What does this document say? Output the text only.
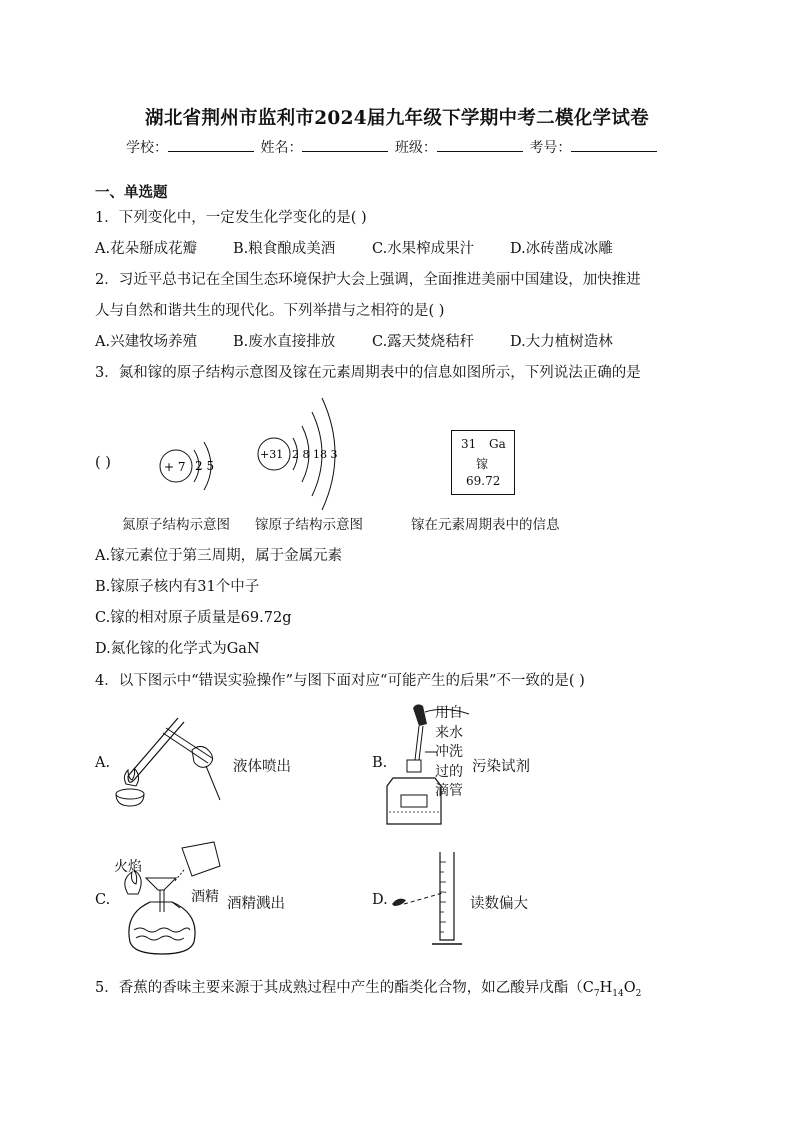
湖北省荆州市监利市2024届九年级下学期中考二模化学试卷
学校：	姓名：	班级：	考号：
一、单选题
1．下列变化中，一定发生化学变化的是( )
A.花朵掰成花瓣 B.粮食酿成美酒	C.水果榨成果汁 D.冰砖凿成冰雕
2．习近平总书记在全国生态环境保护大会上强调，全面推进美丽中国建设，加快推进
人与自然和谐共生的现代化。下列举措与之相符的是( )
A.兴建牧场养殖 B.废水直接排放	C.露天焚烧秸秆 D.大力植树造林
3．氮和镓的原子结构示意图及镓在元素周期表中的信息如图所示，下列说法正确的是
( )	+ 7 2 5
+31 2 8 18 3
31 Ga
镓
69.72
氮原子结构示意图 镓原子结构示意图	镓在元素周期表中的信息
A.镓元素位于第三周期，属于金属元素
B.镓原子核内有31个中子
C.镓的相对原子质量是69.72g
D.氮化镓的化学式为GaN
4．以下图示中“错误实验操作”与图下面对应“可能产生的后果”不一致的是( )
A.	液体喷出	B.
用自
来水
冲洗
过的
滴管
污染试剂
C.
火焰
酒精 酒精溅出	D.	读数偏大
5．香蕉的香味主要来源于其成熟过程中产生的酯类化合物，如乙酸异戊酯（$C_7H_{14}O_2$
